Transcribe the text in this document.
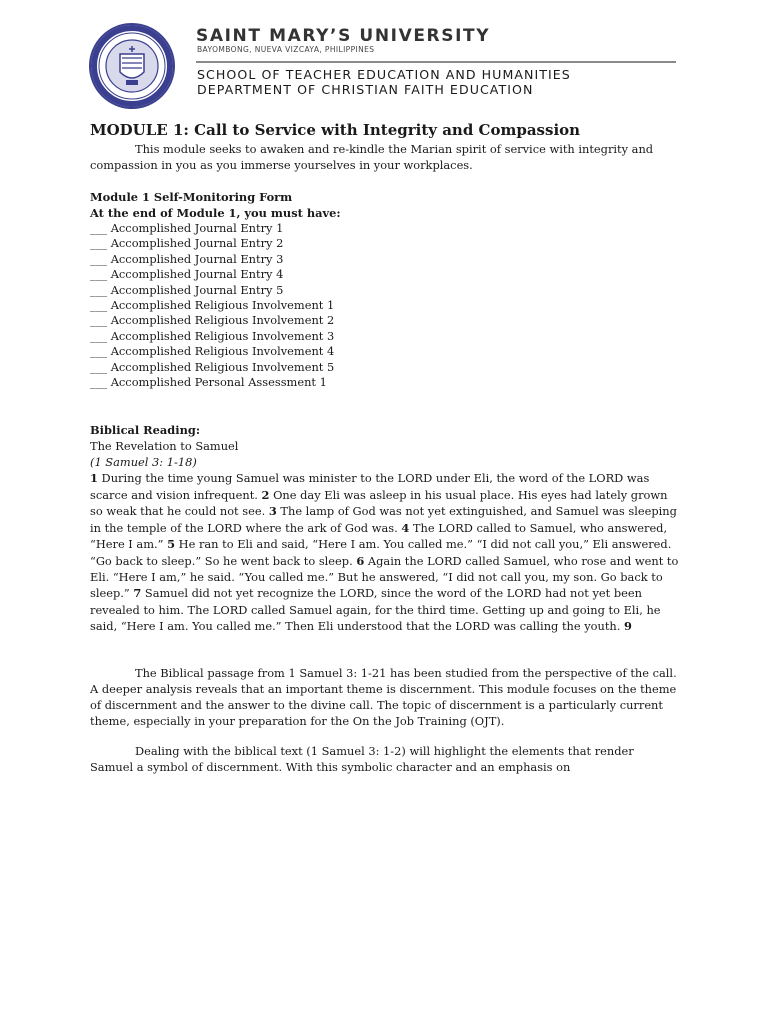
SAINT MARY’S UNIVERSITY
BAYOMBONG, NUEVA VIZCAYA, PHILIPPINES
SCHOOL OF TEACHER EDUCATION AND HUMANITIES
DEPARTMENT OF CHRISTIAN FAITH EDUCATION

MODULE 1: Call to Service with Integrity and Compassion

This module seeks to awaken and re-kindle the Marian spirit of service with integrity and compassion in you as you immerse yourselves in your workplaces.

Module 1 Self-Monitoring Form

At the end of Module 1, you must have:

___ Accomplished Journal Entry 1
___ Accomplished Journal Entry 2
___ Accomplished Journal Entry 3
___ Accomplished Journal Entry 4
___ Accomplished Journal Entry 5
___ Accomplished Religious Involvement 1
___ Accomplished Religious Involvement 2
___ Accomplished Religious Involvement 3
___ Accomplished Religious Involvement 4
___ Accomplished Religious Involvement 5
___ Accomplished Personal Assessment 1

Biblical Reading:

The Revelation to Samuel

(1 Samuel 3: 1-18)

1 During the time young Samuel was minister to the LORD under Eli, the word of the LORD was scarce and vision infrequent. 2 One day Eli was asleep in his usual place. His eyes had lately grown so weak that he could not see. 3 The lamp of God was not yet extinguished, and Samuel was sleeping in the temple of the LORD where the ark of God was. 4 The LORD called to Samuel, who answered, “Here I am.” 5 He ran to Eli and said, “Here I am. You called me.” “I did not call you,” Eli answered. “Go back to sleep.” So he went back to sleep. 6 Again the LORD called Samuel, who rose and went to Eli. “Here I am,” he said. “You called me.” But he answered, “I did not call you, my son. Go back to sleep.” 7 Samuel did not yet recognize the LORD, since the word of the LORD had not yet been revealed to him. The LORD called Samuel again, for the third time. Getting up and going to Eli, he said, “Here I am. You called me.” Then Eli understood that the LORD was calling the youth. 9

The Biblical passage from 1 Samuel 3: 1-21 has been studied from the perspective of the call. A deeper analysis reveals that an important theme is discernment. This module focuses on the theme of discernment and the answer to the divine call. The topic of discernment is a particularly current theme, especially in your preparation for the On the Job Training (OJT).

Dealing with the biblical text (1 Samuel 3: 1-2) will highlight the elements that render Samuel a symbol of discernment. With this symbolic character and an emphasis on
